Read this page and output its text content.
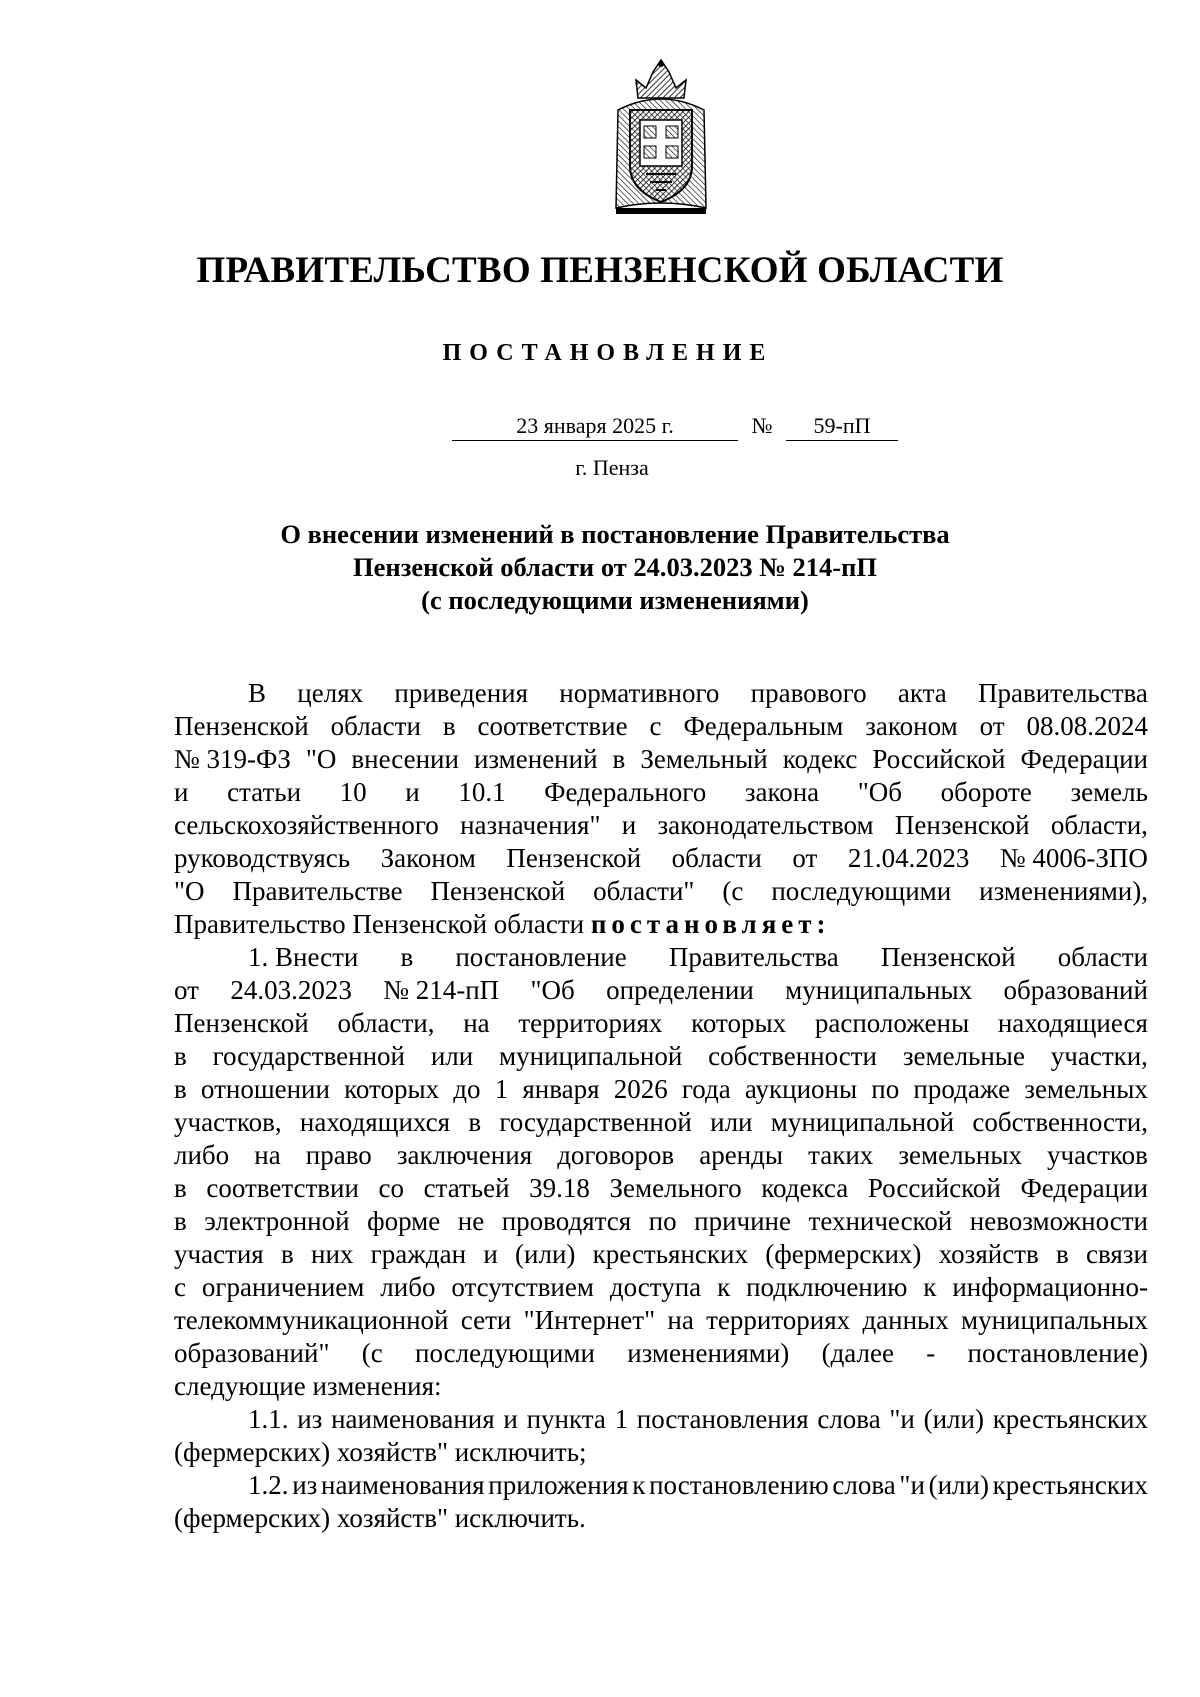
ПРАВИТЕЛЬСТВО ПЕНЗЕНСКОЙ ОБЛАСТИ
ПОСТАНОВЛЕНИЕ
23 января 2025 г.	№	59-пП
г. Пенза
О внесении изменений в постановление Правительства
Пензенской области от 24.03.2023 № 214-пП
(с последующими изменениями)
В целях приведения нормативного правового акта Правительства
Пензенской области в соответствие с Федеральным законом от 08.08.2024
№ 319-ФЗ "О внесении изменений в Земельный кодекс Российской Федерации
и статьи 10 и 10.1 Федерального закона "Об обороте земель
сельскохозяйственного назначения" и законодательством Пензенской области,
руководствуясь Законом Пензенской области от 21.04.2023 № 4006-ЗПО
"О Правительстве Пензенской области" (с последующими изменениями),
Правительство Пензенской области постановляет:
1. Внести в постановление Правительства Пензенской области
от 24.03.2023 № 214-пП "Об определении муниципальных образований
Пензенской области, на территориях которых расположены находящиеся
в государственной или муниципальной собственности земельные участки,
в отношении которых до 1 января 2026 года аукционы по продаже земельных
участков, находящихся в государственной или муниципальной собственности,
либо на право заключения договоров аренды таких земельных участков
в соответствии со статьей 39.18 Земельного кодекса Российской Федерации
в электронной форме не проводятся по причине технической невозможности
участия в них граждан и (или) крестьянских (фермерских) хозяйств в связи
с ограничением либо отсутствием доступа к подключению к информационно-
телекоммуникационной сети "Интернет" на территориях данных муниципальных
образований" (с последующими изменениями) (далее - постановление)
следующие изменения:
1.1. из наименования и пункта 1 постановления слова "и (или) крестьянских
(фермерских) хозяйств" исключить;
1.2. из наименования приложения к постановлению слова "и (или) крестьянских
(фермерских) хозяйств" исключить.
